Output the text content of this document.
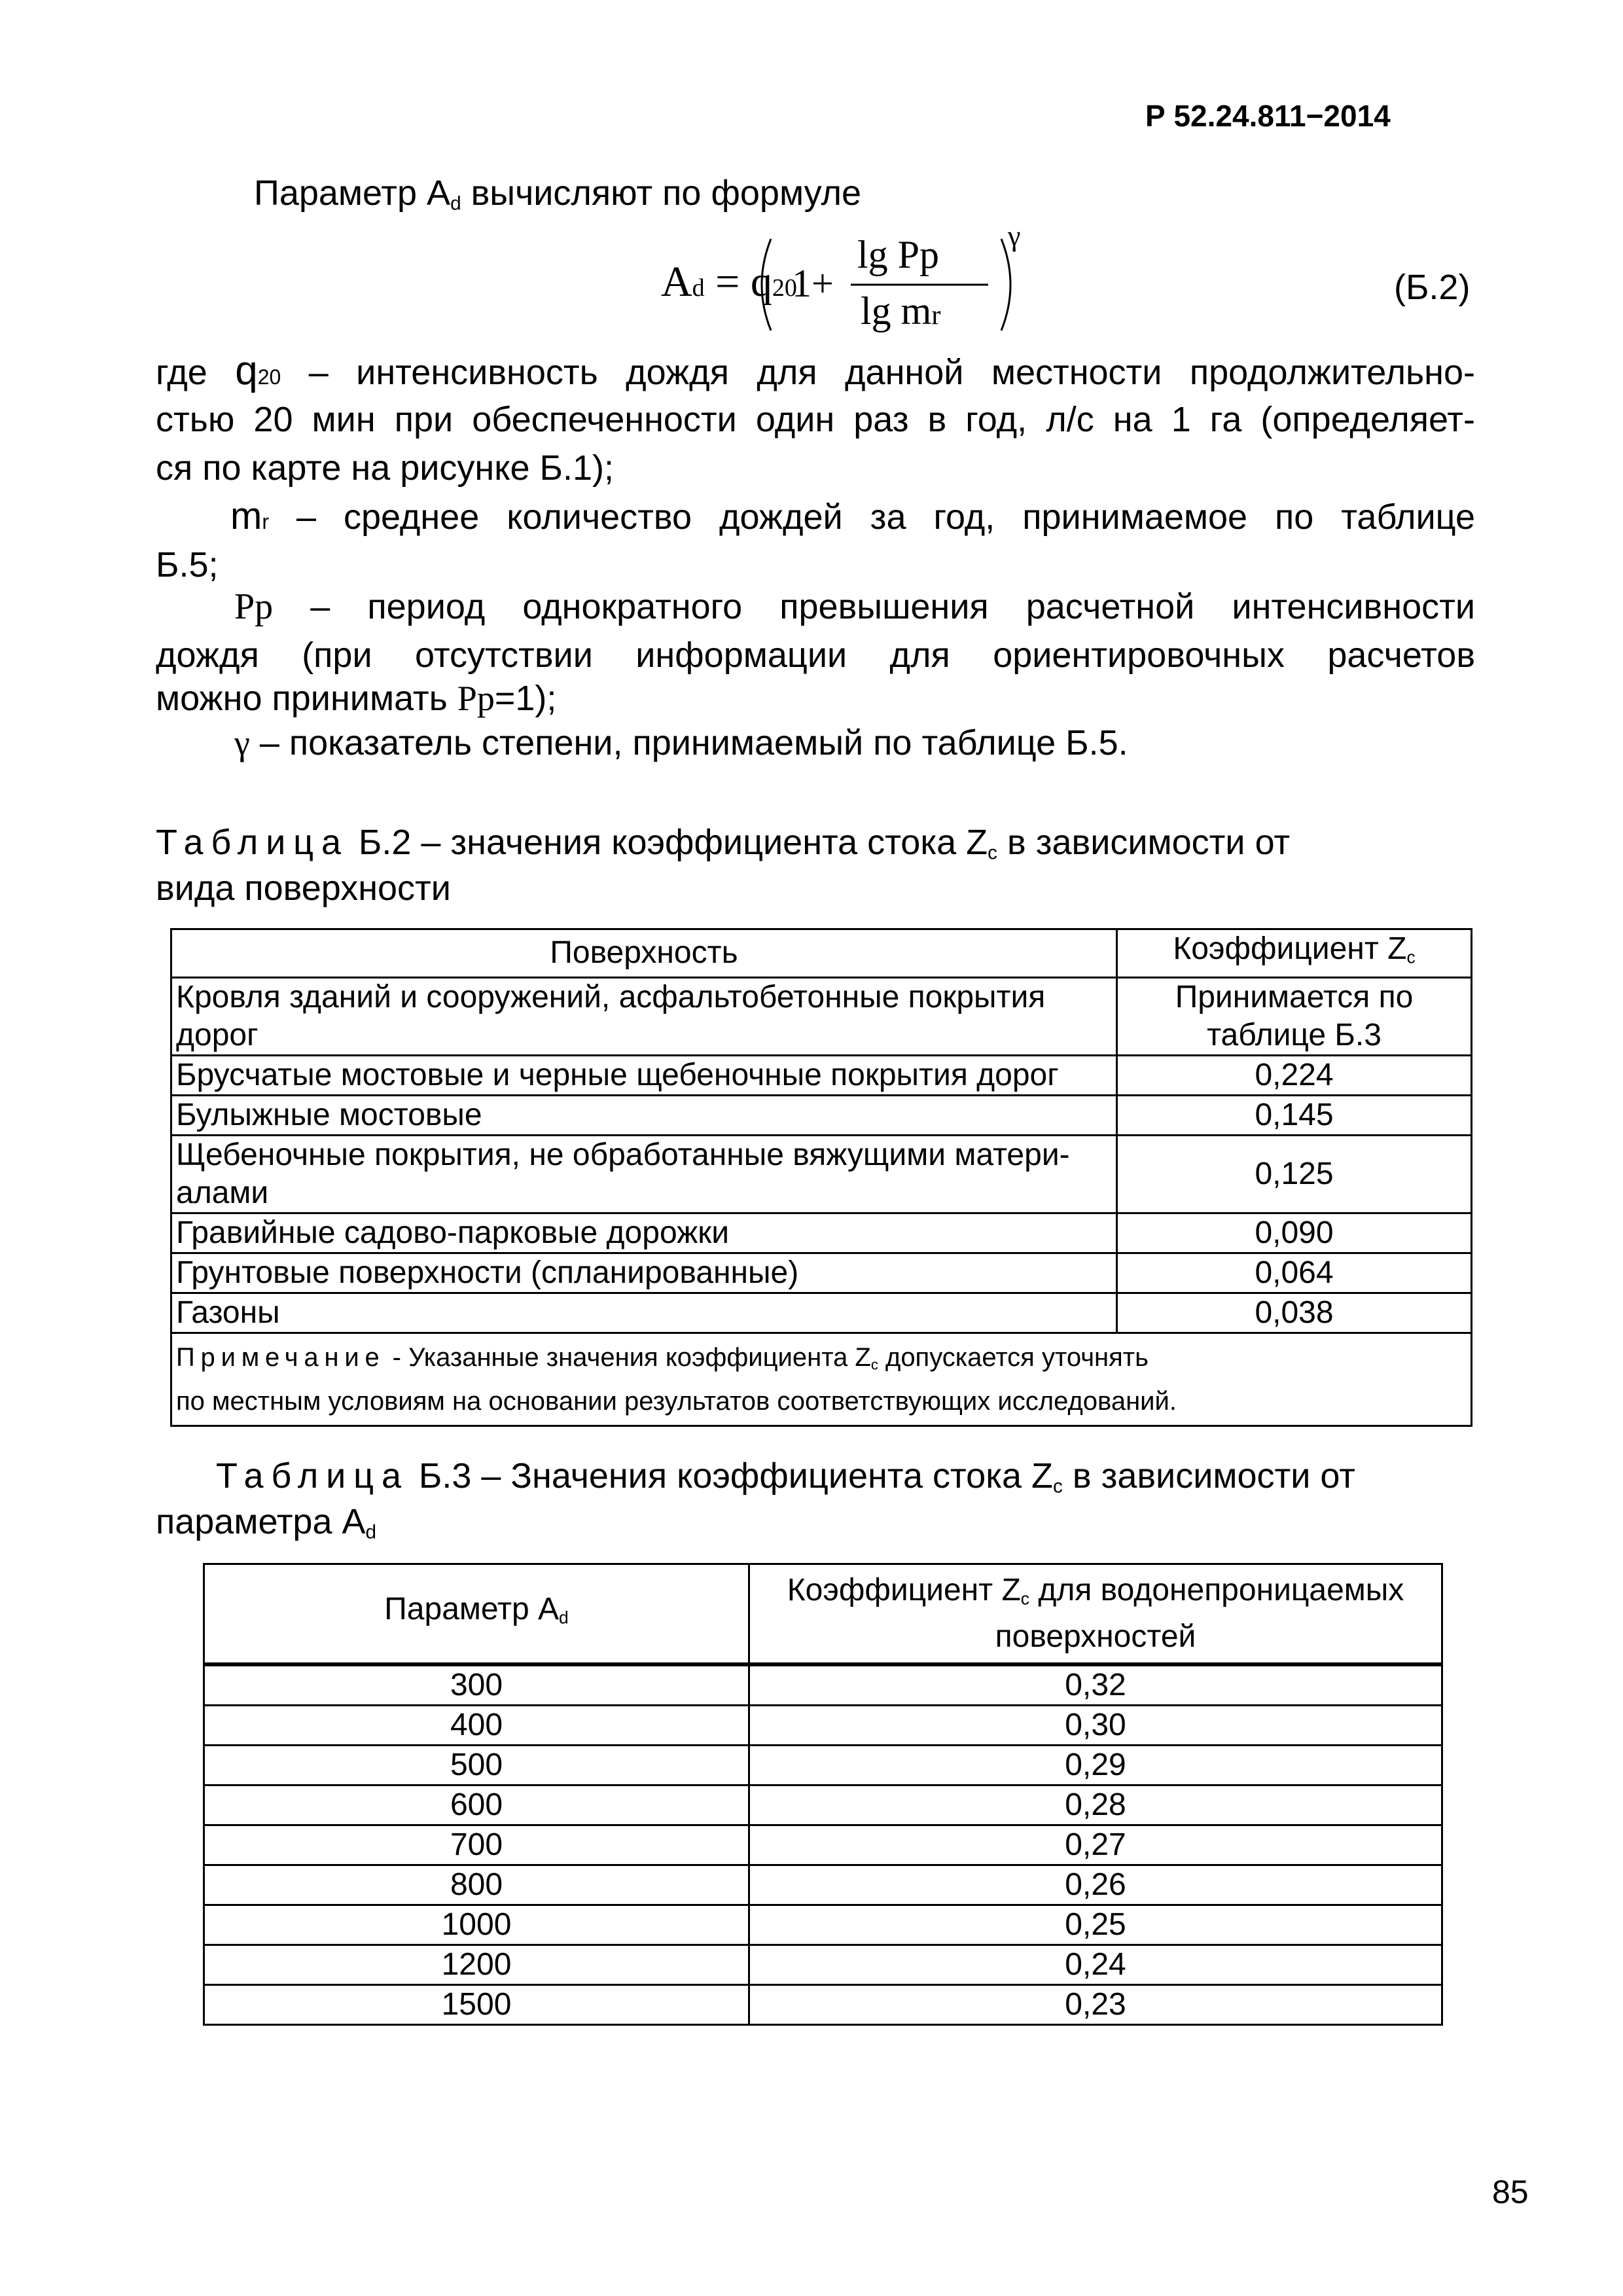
Р 52.24.811−2014
Параметр $A_d$ вычисляют по формуле
Ad = q20
1+
lg Pp
lg mr
γ
(Б.2)
где q20 – интенсивность дождя для данной местности продолжительно-
стью 20 мин при обеспеченности один раз в год, л/с на 1 га (определяет-
ся по карте на рисунке Б.1);
mr – среднее количество дождей за год, принимаемое по таблице
Б.5;
Pp – период однократного превышения расчетной интенсивности
дождя (при отсутствии информации для ориентировочных расчетов
можно принимать Pp=1);
γ – показатель степени, принимаемый по таблице Б.5.
Таблица Б.2 – значения коэффициента стока $Z_c$ в зависимости от
вида поверхности
Поверхность	Коэффициент $Z_c$
Кровля зданий и сооружений, асфальтобетонные покрытия дорог	Принимается по таблице Б.3
Брусчатые мостовые и черные щебеночные покрытия дорог	0,224
Булыжные мостовые	0,145
Щебеночные покрытия, не обработанные вяжущими матери-алами	0,125
Гравийные садово-парковые дорожки	0,090
Грунтовые поверхности (спланированные)	0,064
Газоны	0,038
Примечание - Указанные значения коэффициента $Z_c$ допускается уточнять
по местным условиям на основании результатов соответствующих исследований.	
Таблица Б.3 – Значения коэффициента стока $Z_c$ в зависимости от
параметра $A_d$
Параметр $A_d$	Коэффициент $Z_c$ для водонепроницаемых поверхностей
300	0,32
400	0,30
500	0,29
600	0,28
700	0,27
800	0,26
1000	0,25
1200	0,24
1500	0,23
85
